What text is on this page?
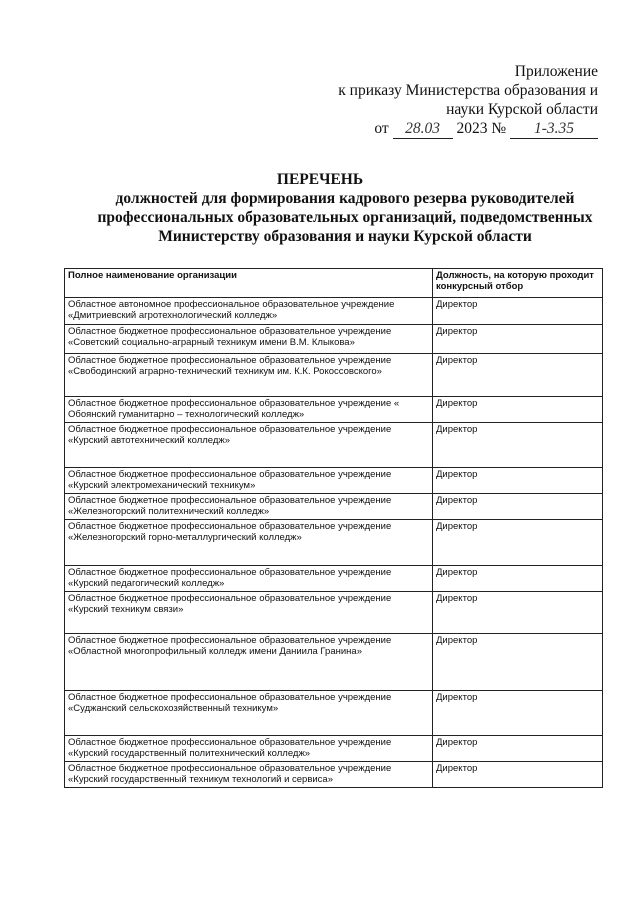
Приложение
к приказу Министерства образования и
науки Курской области
от 28.03 2023 № 1-3.35
ПЕРЕЧЕНЬ
должностей для формирования кадрового резерва руководителей
профессиональных образовательных организаций, подведомственных
Министерству образования и науки Курской области
Полное наименование организации	Должность, на которую проходит конкурсный отбор

Областное автономное профессиональное образовательное учреждение
«Дмитриевский агротехнологический колледж»	Директор

Областное бюджетное профессиональное образовательное учреждение
«Советский социально-аграрный техникум имени В.М. Клыкова»	Директор

Областное бюджетное профессиональное образовательное учреждение
«Свободинский аграрно-технический техникум им. К.К. Рокоссовского»	Директор

Областное бюджетное профессиональное образовательное учреждение «
Обоянский гуманитарно – технологический колледж»	Директор

Областное бюджетное профессиональное образовательное учреждение
«Курский автотехнический колледж»	Директор

Областное бюджетное профессиональное образовательное учреждение
«Курский электромеханический техникум»	Директор

Областное бюджетное профессиональное образовательное учреждение
«Железногорский политехнический колледж»	Директор

Областное бюджетное профессиональное образовательное учреждение
«Железногорский горно-металлургический колледж»	Директор

Областное бюджетное профессиональное образовательное учреждение
«Курский педагогический колледж»	Директор

Областное бюджетное профессиональное образовательное учреждение
«Курский техникум связи»	Директор

Областное бюджетное профессиональное образовательное учреждение
«Областной многопрофильный колледж имени Даниила Гранина»	Директор

Областное бюджетное профессиональное образовательное учреждение
«Суджанский сельскохозяйственный техникум»	Директор

Областное бюджетное профессиональное образовательное учреждение
«Курский государственный политехнический колледж»	Директор

Областное бюджетное профессиональное образовательное учреждение
«Курский государственный техникум технологий и сервиса»	Директор
